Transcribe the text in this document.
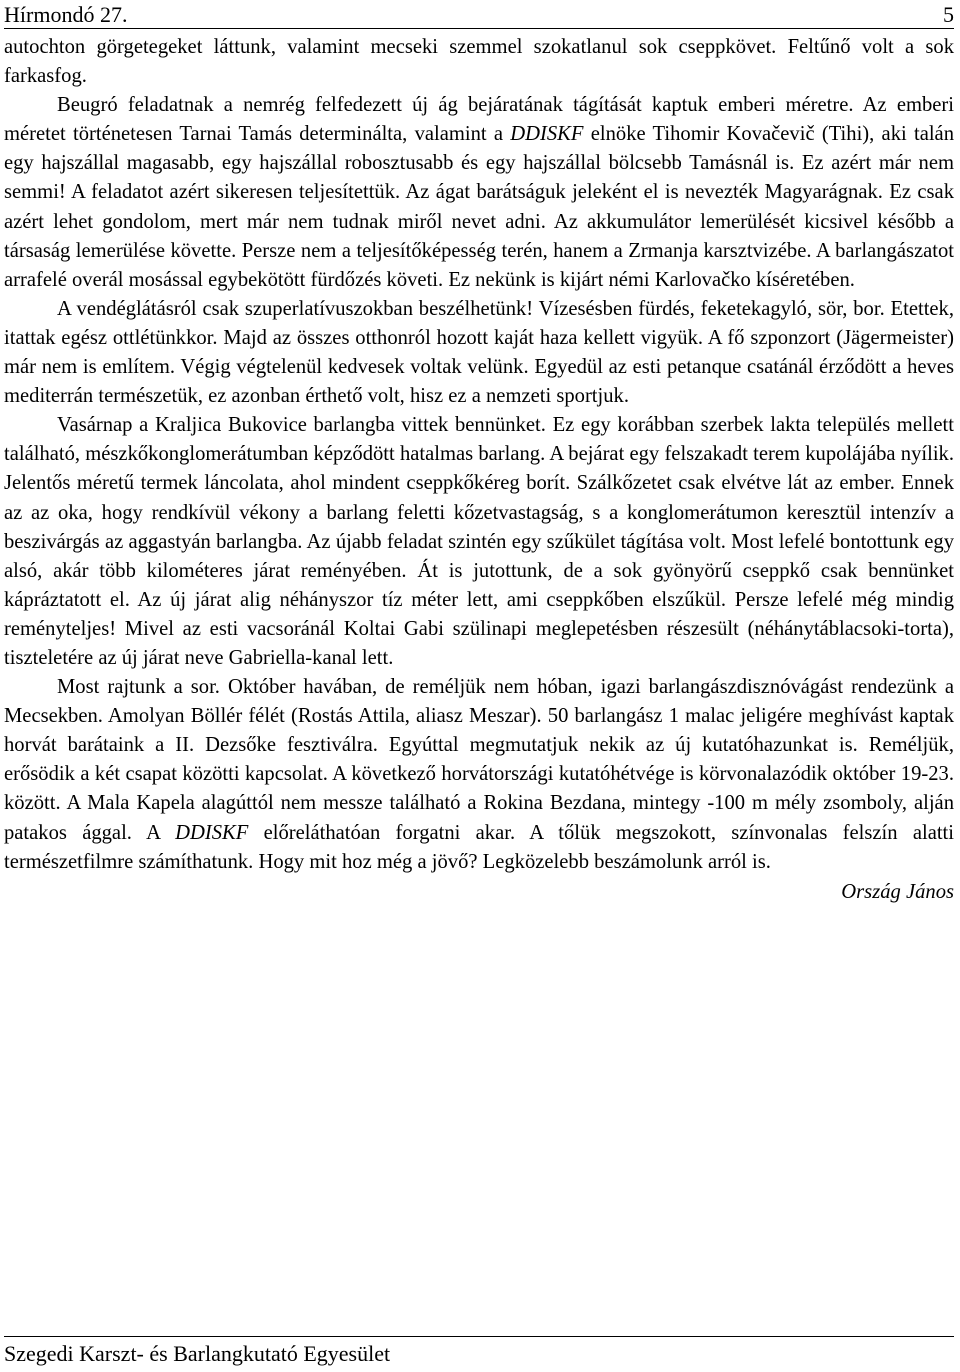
Hírmondó 27.	5

autochton görgetegeket láttunk, valamint mecseki szemmel szokatlanul sok cseppkövet. Feltűnő volt a sok farkasfog.

Beugró feladatnak a nemrég felfedezett új ág bejáratának tágítását kaptuk emberi méretre. Az emberi méretet történetesen Tarnai Tamás determinálta, valamint a DDISKF elnöke Tihomir Kovačevič (Tihi), aki talán egy hajszállal magasabb, egy hajszállal robosztusabb és egy hajszállal bölcsebb Tamásnál is. Ez azért már nem semmi! A feladatot azért sikeresen teljesítettük. Az ágat barátságuk jeleként el is nevezték Magyarágnak. Ez csak azért lehet gondolom, mert már nem tudnak miről nevet adni. Az akkumulátor lemerülését kicsivel később a társaság lemerülése követte. Persze nem a teljesítőképesség terén, hanem a Zrmanja karsztvizébe. A barlangászatot arrafelé overál mosással egybekötött fürdőzés követi. Ez nekünk is kijárt némi Karlovačko kíséretében.

A vendéglátásról csak szuperlatívuszokban beszélhetünk! Vízesésben fürdés, feketekagyló, sör, bor. Etettek, itattak egész ottlétünkkor. Majd az összes otthonról hozott kaját haza kellett vigyük. A fő szponzort (Jägermeister) már nem is említem. Végig végtelenül kedvesek voltak velünk. Egyedül az esti petanque csatánál érződött a heves mediterrán természetük, ez azonban érthető volt, hisz ez a nemzeti sportjuk.

Vasárnap a Kraljica Bukovice barlangba vittek bennünket. Ez egy korábban szerbek lakta település mellett található, mészkőkonglomerátumban képződött hatalmas barlang. A bejárat egy felszakadt terem kupolájába nyílik. Jelentős méretű termek láncolata, ahol mindent cseppkőkéreg borít. Szálkőzetet csak elvétve lát az ember. Ennek az az oka, hogy rendkívül vékony a barlang feletti kőzetvastagság, s a konglomerátumon keresztül intenzív a beszivárgás az aggastyán barlangba. Az újabb feladat szintén egy szűkület tágítása volt. Most lefelé bontottunk egy alsó, akár több kilométeres járat reményében. Át is jutottunk, de a sok gyönyörű cseppkő csak bennünket kápráztatott el. Az új járat alig néhányszor tíz méter lett, ami cseppkőben elszűkül. Persze lefelé még mindig reményteljes! Mivel az esti vacsoránál Koltai Gabi szülinapi meglepetésben részesült (néhánytáblacsoki-torta), tiszteletére az új járat neve Gabriella-kanal lett.

Most rajtunk a sor. Október havában, de reméljük nem hóban, igazi barlangászdisznóvágást rendezünk a Mecsekben. Amolyan Böllér félét (Rostás Attila, aliasz Meszar). 50 barlangász 1 malac jeligére meghívást kaptak horvát barátaink a II. Dezsőke fesztiválra. Egyúttal megmutatjuk nekik az új kutatóhazunkat is. Reméljük, erősödik a két csapat közötti kapcsolat. A következő horvátországi kutatóhétvége is körvonalazódik október 19-23. között. A Mala Kapela alagúttól nem messze található a Rokina Bezdana, mintegy -100 m mély zsomboly, alján patakos ággal. A DDISKF előreláthatóan forgatni akar. A tőlük megszokott, színvonalas felszín alatti természetfilmre számíthatunk. Hogy mit hoz még a jövő? Legközelebb beszámolunk arról is.

Ország János

Szegedi Karszt- és Barlangkutató Egyesület
